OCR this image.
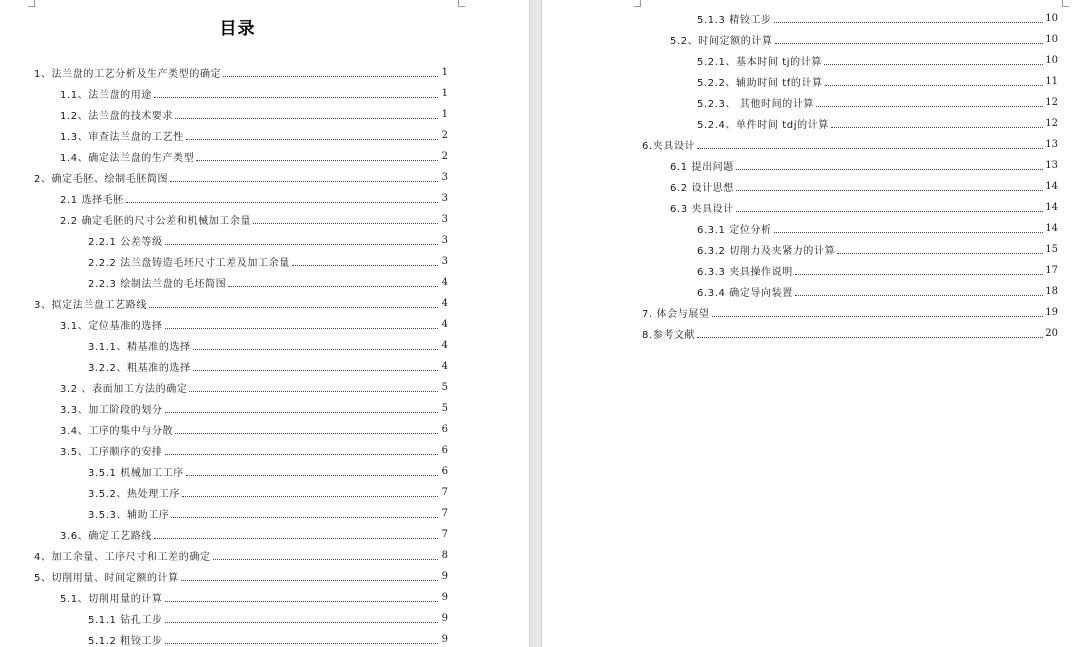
目录
1、法兰盘的工艺分析及生产类型的确定	1
1.1、法兰盘的用途	1
1.2、法兰盘的技术要求	1
1.3、审查法兰盘的工艺性	2
1.4、确定法兰盘的生产类型	2
2、确定毛胚、绘制毛胚简图	3
2.1 选择毛胚	3
2.2 确定毛胚的尺寸公差和机械加工余量	3
2.2.1 公差等级	3
2.2.2 法兰盘铸造毛坯尺寸工差及加工余量	3
2.2.3 绘制法兰盘的毛坯简图	4
3、拟定法兰盘工艺路线	4
3.1、定位基准的选择	4
3.1.1、精基准的选择	4
3.2.2、粗基准的选择	4
3.2 、表面加工方法的确定	5
3.3、加工阶段的划分	5
3.4、工序的集中与分散	6
3.5、工序顺序的安排	6
3.5.1 机械加工工序	6
3.5.2、热处理工序	7
3.5.3、辅助工序	7
3.6、确定工艺路线	7
4、加工余量、工序尺寸和工差的确定	8
5、切削用量、时间定额的计算	9
5.1、切削用量的计算	9
5.1.1 钻孔工步	9
5.1.2 粗铰工步	9
5.1.3 精铰工步	10
5.2、时间定额的计算	10
5.2.1、基本时间 tj的计算	10
5.2.2、辅助时间 tf的计算	11
5.2.3、 其他时间的计算	12
5.2.4、单件时间 tdj的计算	12
6.夹具设计	13
6.1 提出问题	13
6.2 设计思想	14
6.3 夹具设计	14
6.3.1 定位分析	14
6.3.2 切削力及夹紧力的计算	15
6.3.3 夹具操作说明	17
6.3.4 确定导向装置	18
7. 体会与展望	19
8.参考文献	20
